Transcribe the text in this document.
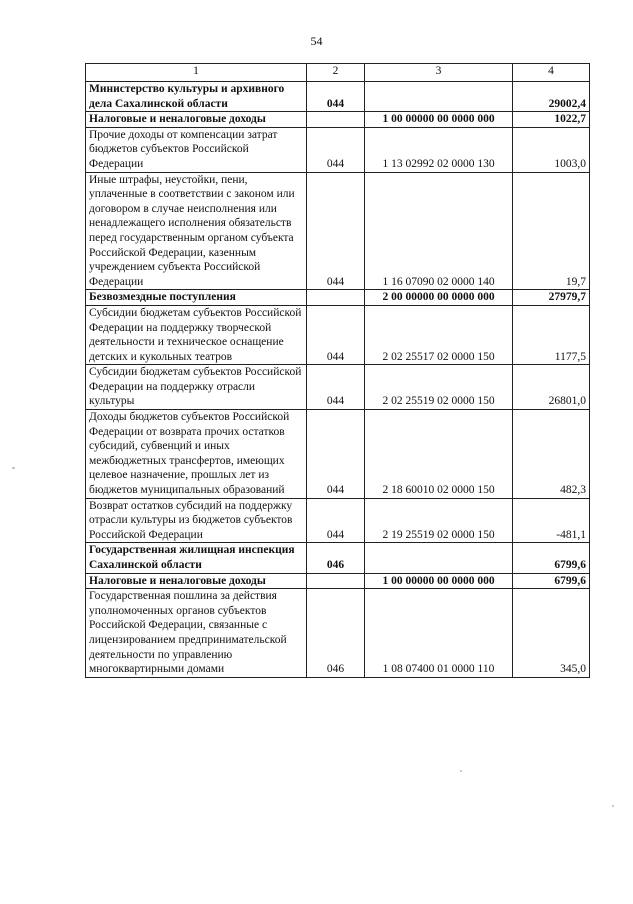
54
1	2	3	4
Министерство культуры и архивного дела Сахалинской области	044		29002,4
Налоговые и неналоговые доходы		1 00 00000 00 0000 000	1022,7
Прочие доходы от компенсации затрат бюджетов субъектов Российской Федерации	044	1 13 02992 02 0000 130	1003,0
Иные штрафы, неустойки, пени, уплаченные в соответствии с законом или договором в случае неисполнения или ненадлежащего исполнения обязательств перед государственным органом субъекта Российской Федерации, казенным учреждением субъекта Российской Федерации	044	1 16 07090 02 0000 140	19,7
Безвозмездные поступления		2 00 00000 00 0000 000	27979,7
Субсидии бюджетам субъектов Российской Федерации на поддержку творческой деятельности и техническое оснащение детских и кукольных театров	044	2 02 25517 02 0000 150	1177,5
Субсидии бюджетам субъектов Российской Федерации на поддержку отрасли культуры	044	2 02 25519 02 0000 150	26801,0
Доходы бюджетов субъектов Российской Федерации от возврата прочих остатков субсидий, субвенций и иных межбюджетных трансфертов, имеющих целевое назначение, прошлых лет из бюджетов муниципальных образований	044	2 18 60010 02 0000 150	482,3
Возврат остатков субсидий на поддержку отрасли культуры из бюджетов субъектов Российской Федерации	044	2 19 25519 02 0000 150	-481,1
Государственная жилищная инспекция Сахалинской области	046		6799,6
Налоговые и неналоговые доходы		1 00 00000 00 0000 000	6799,6
Государственная пошлина за действия уполномоченных органов субъектов Российской Федерации, связанные с лицензированием предпринимательской деятельности по управлению многоквартирными домами	046	1 08 07400 01 0000 110	345,0
